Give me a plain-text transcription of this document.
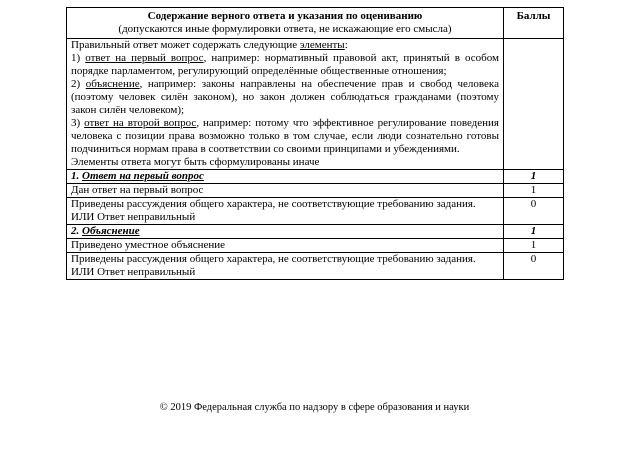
Содержание верного ответа и указания по оцениванию
(допускаются иные формулировки ответа, не искажающие его смысла)	Баллы

Правильный ответ может содержать следующие элементы:

1) ответ на первый вопрос, например: нормативный правовой акт, принятый в особом порядке парламентом, регулирующий определённые общественные отношения;

2) объяснение, например: законы направлены на обеспечение прав и свобод человека (поэтому человек силён законом), но закон должен соблюдаться гражданами (поэтому закон силён человеком);

3) ответ на второй вопрос, например: потому что эффективное регулирование поведения человека с позиции права возможно только в том случае, если люди сознательно готовы подчиниться нормам права в соответствии со своими принципами и убеждениями.

Элементы ответа могут быть сформулированы иначе	

1. Ответ на первый вопрос	1
Дан ответ на первый вопрос	1

Приведены рассуждения общего характера, не соответствующие требованию задания.
ИЛИ Ответ неправильный	0
2. Объяснение	1
Приведено уместное объяснение	1

Приведены рассуждения общего характера, не соответствующие требованию задания.
ИЛИ Ответ неправильный	0
© 2019 Федеральная служба по надзору в сфере образования и науки
